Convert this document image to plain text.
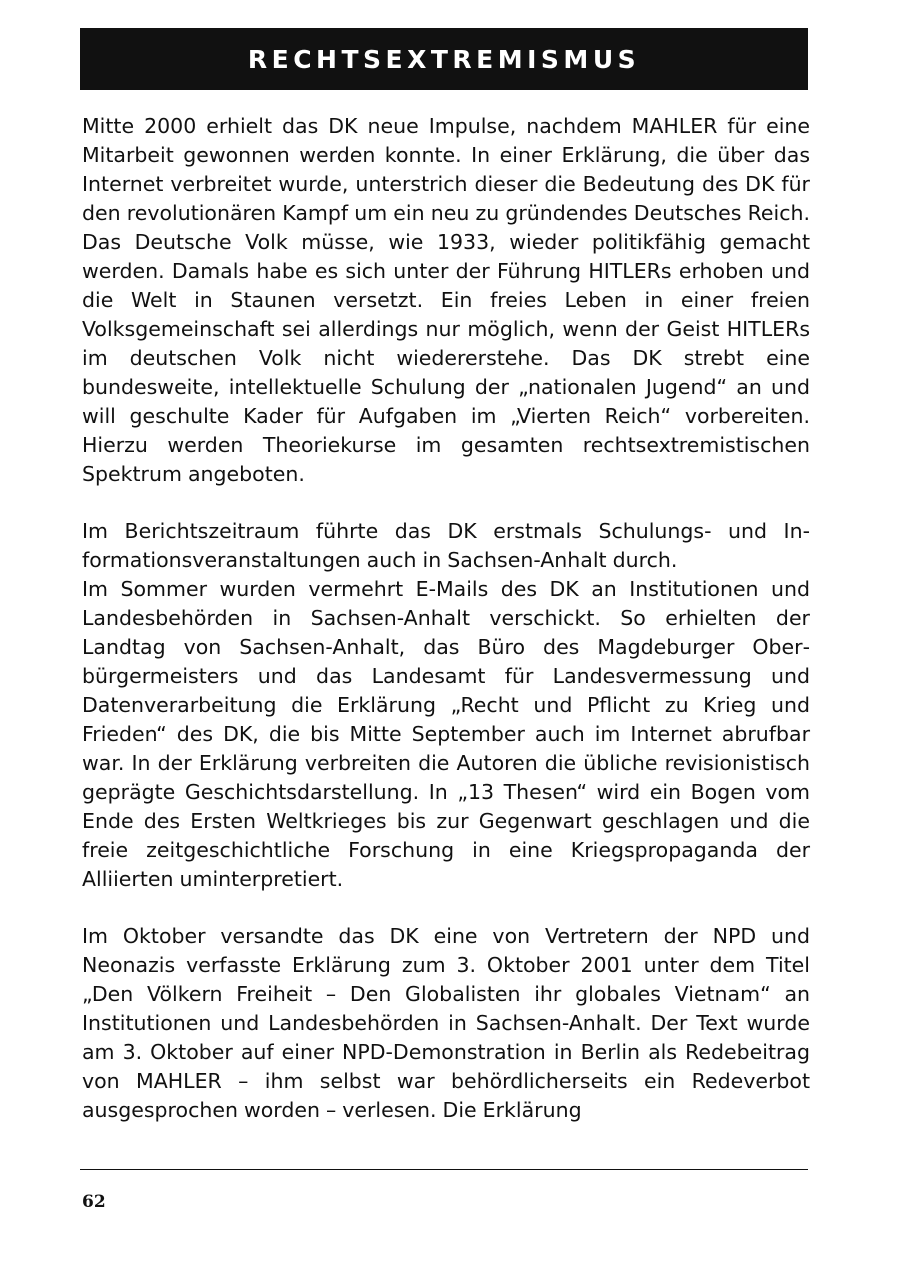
RECHTSEXTREMISMUS

Mitte 2000 erhielt das DK neue Impulse, nachdem MAHLER für eine Mitarbeit gewonnen werden konnte. In einer Erklärung, die über das Internet verbreitet wurde, unterstrich dieser die Bedeutung des DK für den revolutionären Kampf um ein neu zu gründendes Deutsches Reich. Das Deutsche Volk müsse, wie 1933, wieder politikfähig gemacht werden. Damals habe es sich unter der Führung HITLERs erhoben und die Welt in Staunen versetzt. Ein freies Leben in einer freien Volksgemeinschaft sei allerdings nur möglich, wenn der Geist HITLERs im deutschen Volk nicht wiedererstehe. Das DK strebt eine bundesweite, intellektuelle Schulung der „nationalen Jugend“ an und will geschulte Kader für Aufgaben im „Vierten Reich“ vorbereiten. Hierzu werden Theoriekurse im gesamten rechtsextremistischen Spektrum angeboten.

Im Berichtszeitraum führte das DK erstmals Schulungs- und Informationsveranstaltungen auch in Sachsen-Anhalt durch.

Im Sommer wurden vermehrt E-Mails des DK an Institutionen und Landesbehörden in Sachsen-Anhalt verschickt. So erhielten der Landtag von Sachsen-Anhalt, das Büro des Magdeburger Oberbürgermeisters und das Landesamt für Landesvermessung und Datenverarbeitung die Erklärung „Recht und Pflicht zu Krieg und Frieden“ des DK, die bis Mitte September auch im Internet abrufbar war. In der Erklärung verbreiten die Autoren die übliche revisionistisch geprägte Geschichtsdarstellung. In „13 Thesen“ wird ein Bogen vom Ende des Ersten Weltkrieges bis zur Gegenwart geschlagen und die freie zeitgeschichtliche Forschung in eine Kriegspropaganda der Alliierten uminterpretiert.

Im Oktober versandte das DK eine von Vertretern der NPD und Neonazis verfasste Erklärung zum 3. Oktober 2001 unter dem Titel „Den Völkern Freiheit – Den Globalisten ihr globales Vietnam“ an Institutionen und Landesbehörden in Sachsen-Anhalt. Der Text wurde am 3. Oktober auf einer NPD-Demonstration in Berlin als Redebeitrag von MAHLER – ihm selbst war behördlicherseits ein Redeverbot ausgesprochen worden – verlesen. Die Erklärung

62
